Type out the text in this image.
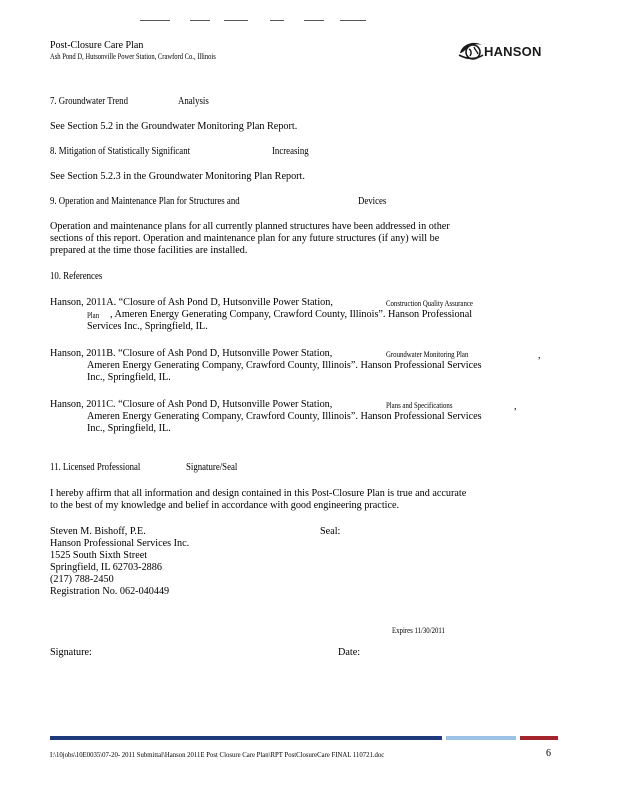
Post-Closure Care Plan
Ash Pond D, Hutsonville Power Station, Crawford Co., Illinois	HANSON
7. Groundwater Trend	Analysis
See Section 5.2 in the Groundwater Monitoring Plan Report.
8. Mitigation of Statistically Significant	Increasing
See Section 5.2.3 in the Groundwater Monitoring Plan Report.
9. Operation and Maintenance Plan for Structures and	Devices
Operation and maintenance plans for all currently planned structures have been addressed in other
sections of this report. Operation and maintenance plan for any future structures (if any) will be
prepared at the time those facilities are installed.
10. References
Hanson, 2011A. “Closure of Ash Pond D, Hutsonville Power Station,	Construction Quality Assurance
Plan , Ameren Energy Generating Company, Crawford County, Illinois”. Hanson Professional
Services Inc., Springfield, IL.
Hanson, 2011B. “Closure of Ash Pond D, Hutsonville Power Station,	Groundwater Monitoring Plan	,
Ameren Energy Generating Company, Crawford County, Illinois”. Hanson Professional Services
Inc., Springfield, IL.
Hanson, 2011C. “Closure of Ash Pond D, Hutsonville Power Station,	Plans and Specifications	,
Ameren Energy Generating Company, Crawford County, Illinois”. Hanson Professional Services
Inc., Springfield, IL.
11. Licensed Professional	Signature/Seal
I hereby affirm that all information and design contained in this Post-Closure Plan is true and accurate
to the best of my knowledge and belief in accordance with good engineering practice.
Steven M. Bishoff, P.E.	Seal:
Hanson Professional Services Inc.
1525 South Sixth Street
Springfield, IL 62703-2886
(217) 788-2450
Registration No. 062-040449
Expires 11/30/2011
Signature:	Date:
I:\10jobs\10E0035\07-20- 2011 Submittal\Hanson 2011E Post Closure Care Plan\RPT PostClosureCare FINAL 110721.doc	6
